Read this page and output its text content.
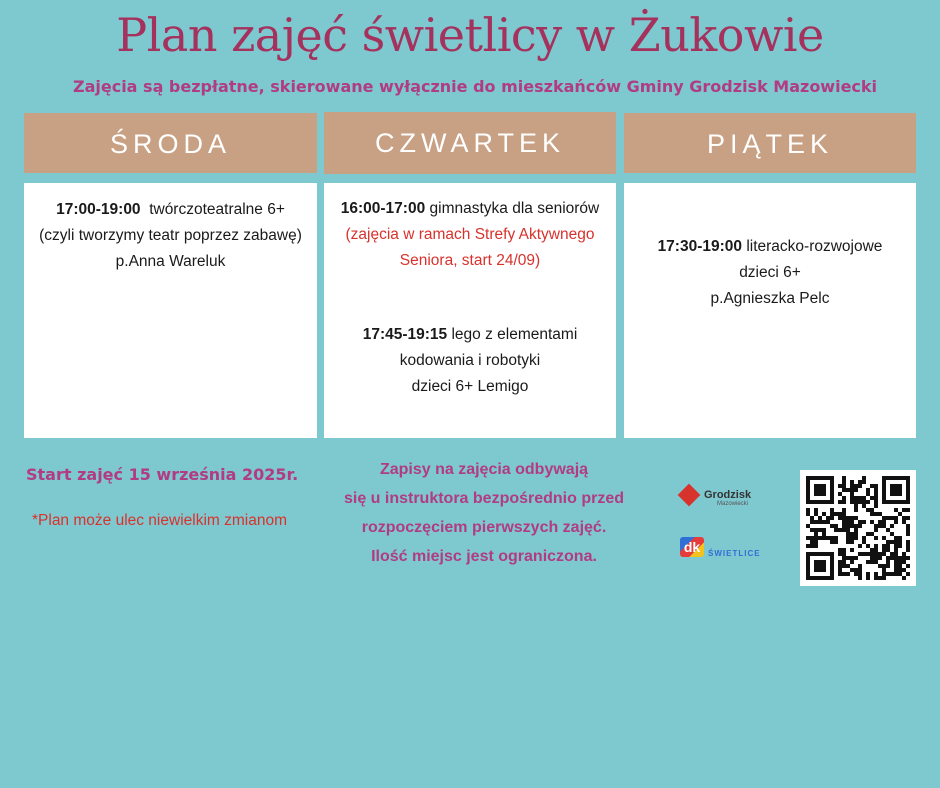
Plan zajęć świetlicy w Żukowie
Zajęcia są bezpłatne, skierowane wyłącznie do mieszkańców Gminy Grodzisk Mazowiecki
ŚRODA	CZWARTEK	PIĄTEK
17:00-19:00 twórczoteatralne 6+
(czyli tworzymy teatr poprzez zabawę)
p.Anna Wareluk
16:00-17:00 gimnastyka dla seniorów
(zajęcia w ramach Strefy Aktywnego
Seniora, start 24/09)
17:45-19:15 lego z elementami
kodowania i robotyki
dzieci 6+ Lemigo
17:30-19:00 literacko-rozwojowe
dzieci 6+
p.Agnieszka Pelc
Start zajęć 15 września 2025r.
*Plan może ulec niewielkim zmianom
Zapisy na zajęcia odbywają
się u instruktora bezpośrednio przed
rozpoczęciem pierwszych zajęć.
Ilość miejsc jest ograniczona.
Grodzisk
Mazowiecki
dk ŚWIETLICE
